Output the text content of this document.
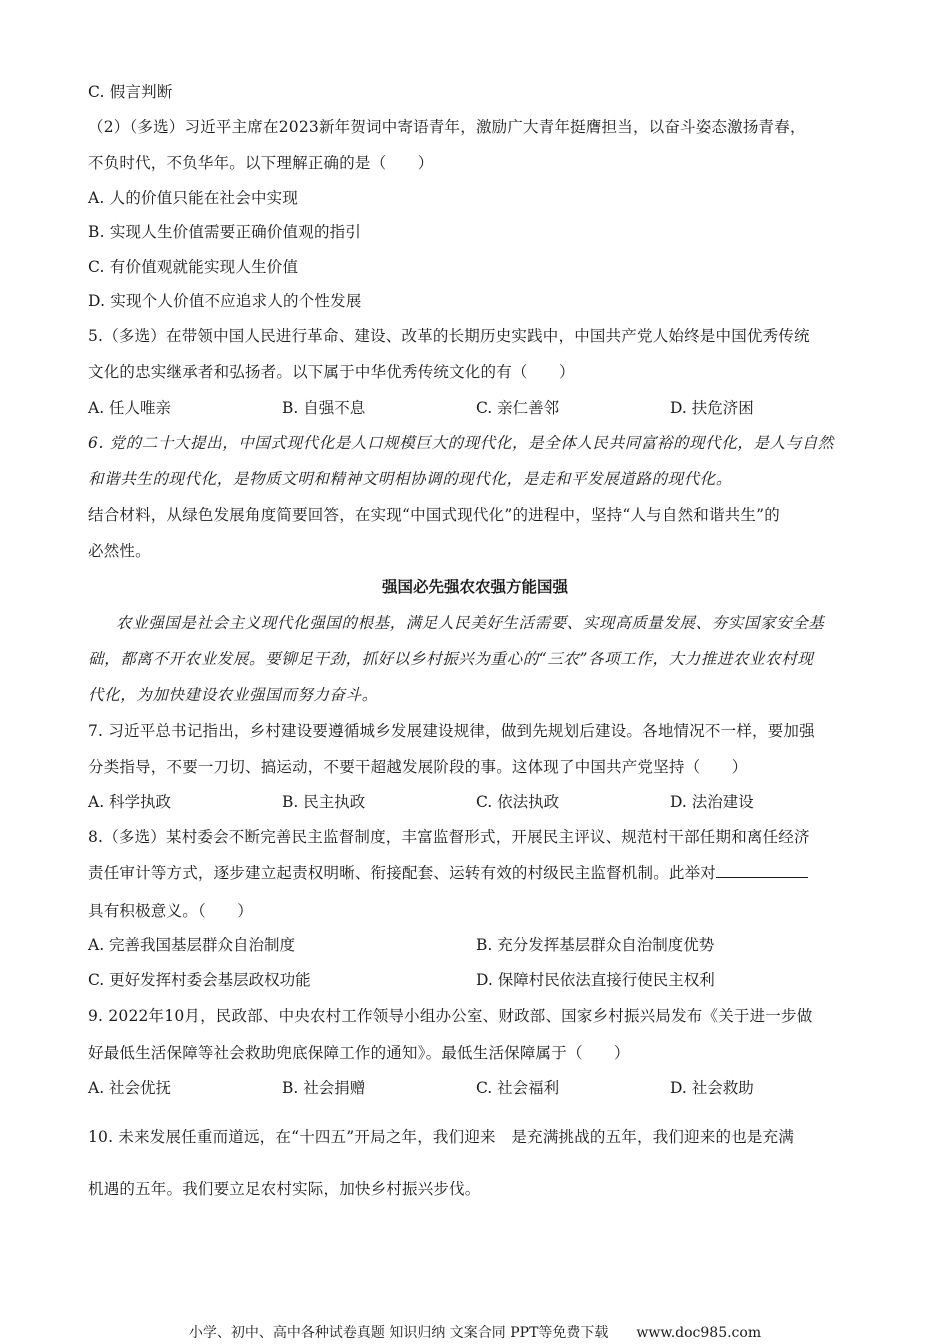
C. 假言判断
（2）（多选）习近平主席在2023新年贺词中寄语青年，激励广大青年挺膺担当，以奋斗姿态激扬青春，
不负时代，不负华年。以下理解正确的是（　　）
A. 人的价值只能在社会中实现
B. 实现人生价值需要正确价值观的指引
C. 有价值观就能实现人生价值
D. 实现个人价值不应追求人的个性发展
5.（多选）在带领中国人民进行革命、建设、改革的长期历史实践中，中国共产党人始终是中国优秀传统
文化的忠实继承者和弘扬者。以下属于中华优秀传统文化的有（　　）
A. 任人唯亲	B. 自强不息	C. 亲仁善邻	D. 扶危济困
6. 党的二十大提出，中国式现代化是人口规模巨大的现代化，是全体人民共同富裕的现代化，是人与自然
和谐共生的现代化，是物质文明和精神文明相协调的现代化，是走和平发展道路的现代化。
结合材料，从绿色发展角度简要回答，在实现“中国式现代化”的进程中，坚持“人与自然和谐共生”的
必然性。
强国必先强农农强方能国强
农业强国是社会主义现代化强国的根基，满足人民美好生活需要、实现高质量发展、夯实国家安全基
础，都离不开农业发展。要铆足干劲，抓好以乡村振兴为重心的“三农”各项工作，大力推进农业农村现
代化，为加快建设农业强国而努力奋斗。
7. 习近平总书记指出，乡村建设要遵循城乡发展建设规律，做到先规划后建设。各地情况不一样，要加强
分类指导，不要一刀切、搞运动，不要干超越发展阶段的事。这体现了中国共产党坚持（　　）
A. 科学执政	B. 民主执政	C. 依法执政	D. 法治建设
8.（多选）某村委会不断完善民主监督制度，丰富监督形式，开展民主评议、规范村干部任期和离任经济
责任审计等方式，逐步建立起责权明晰、衔接配套、运转有效的村级民主监督机制。此举对
具有积极意义。（　　）
A. 完善我国基层群众自治制度	B. 充分发挥基层群众自治制度优势
C. 更好发挥村委会基层政权功能	D. 保障村民依法直接行使民主权利
9. 2022年10月，民政部、中央农村工作领导小组办公室、财政部、国家乡村振兴局发布《关于进一步做
好最低生活保障等社会救助兜底保障工作的通知》。最低生活保障属于（　　）
A. 社会优抚	B. 社会捐赠	C. 社会福利	D. 社会救助
10. 未来发展任重而道远，在“十四五”开局之年，我们迎来　是充满挑战的五年，我们迎来的也是充满
机遇的五年。我们要立足农村实际，加快乡村振兴步伐。
小学、初中、高中各种试卷真题 知识归纳 文案合同 PPT等免费下载　　www.doc985.com
